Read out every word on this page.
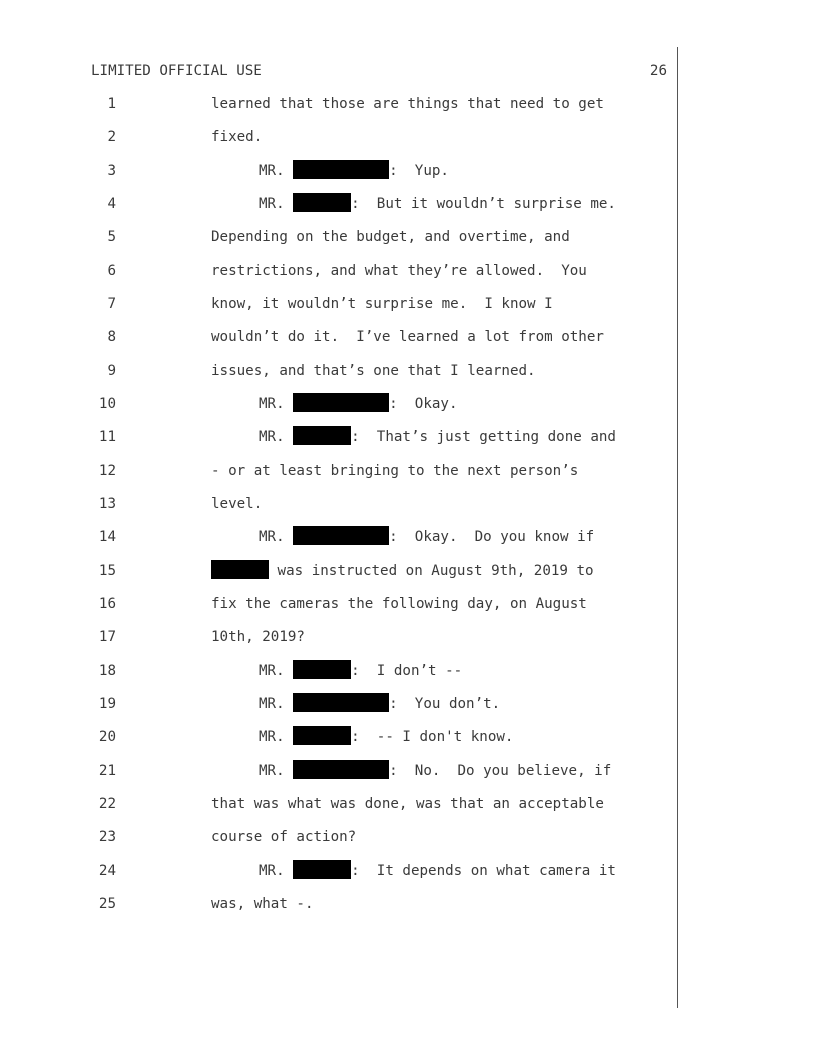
LIMITED OFFICIAL USE	26
1	learned that those are things that need to get
2	fixed.
3	MR.	:  Yup.
4	MR.	:  But it wouldn’t surprise me.
5	Depending on the budget, and overtime, and
6	restrictions, and what they’re allowed.  You
7	know, it wouldn’t surprise me.  I know I
8	wouldn’t do it.  I’ve learned a lot from other
9	issues, and that’s one that I learned.
10	MR.	:  Okay.
11	MR.	:  That’s just getting done and
12	- or at least bringing to the next person’s
13	level.
14	MR.	:  Okay.  Do you know if
15	was instructed on August 9th, 2019 to
16	fix the cameras the following day, on August
17	10th, 2019?
18	MR.	:  I don’t --
19	MR.	:  You don’t.
20	MR.	:  -- I don't know.
21	MR.	:  No.  Do you believe, if
22	that was what was done, was that an acceptable
23	course of action?
24	MR.	:  It depends on what camera it
25	was, what -.
